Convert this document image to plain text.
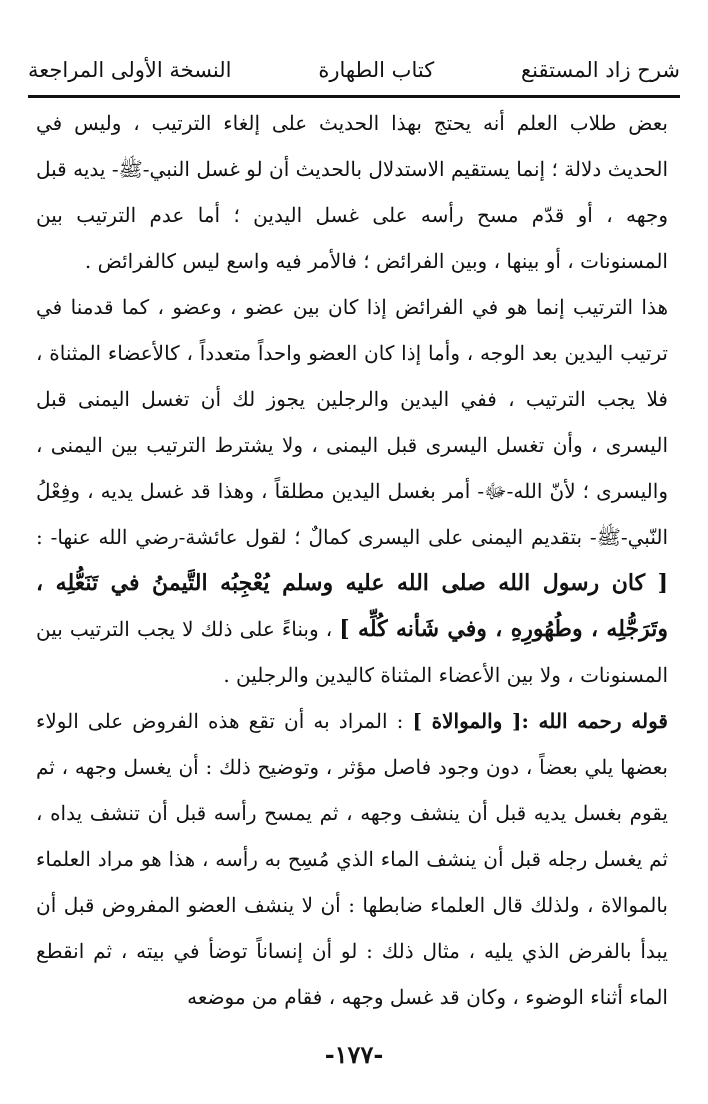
شرح زاد المستقنع
كتاب الطهارة
النسخة الأولى المراجعة

بعض طلاب العلم أنه يحتج بهذا الحديث على إلغاء الترتيب ، وليس في الحديث دلالة ؛ إنما يستقيم الاستدلال بالحديث أن لو غسل النبي-ﷺ- يديه قبل وجهه ، أو قدّم مسح رأسه على غسل اليدين ؛ أما عدم الترتيب بين المسنونات ، أو بينها ، وبين الفرائض ؛ فالأمر فيه واسع ليس كالفرائض .

هذا الترتيب إنما هو في الفرائض إذا كان بين عضو ، وعضو ، كما قدمنا في ترتيب اليدين بعد الوجه ، وأما إذا كان العضو واحداً متعدداً ، كالأعضاء المثناة ، فلا يجب الترتيب ، ففي اليدين والرجلين يجوز لك أن تغسل اليمنى قبل اليسرى ، وأن تغسل اليسرى قبل اليمنى ، ولا يشترط الترتيب بين اليمنى ، واليسرى ؛ لأنّ الله-ﷻ- أمر بغسل اليدين مطلقاً ، وهذا قد غسل يديه ، وفِعْلُ النّبي-ﷺ- بتقديم اليمنى على اليسرى كمالٌ ؛ لقول عائشة-رضي الله عنها- : [ كان رسول الله صلى الله عليه وسلم يُعْجِبُه التَّيمنُ في تَنَعُّلِه ، وتَرَجُّلِه ، وطُهُورِهِ ، وفي شَأنه كُلِّه ] ، وبناءً على ذلك لا يجب الترتيب بين المسنونات ، ولا بين الأعضاء المثناة كاليدين والرجلين .

قوله رحمه الله :[ والموالاة ] : المراد به أن تقع هذه الفروض على الولاء بعضها يلي بعضاً ، دون وجود فاصل مؤثر ، وتوضيح ذلك : أن يغسل وجهه ، ثم يقوم بغسل يديه قبل أن ينشف وجهه ، ثم يمسح رأسه قبل أن تنشف يداه ، ثم يغسل رجله قبل أن ينشف الماء الذي مُسِح به رأسه ، هذا هو مراد العلماء بالموالاة ، ولذلك قال العلماء ضابطها : أن لا ينشف العضو المفروض قبل أن يبدأ بالفرض الذي يليه ، مثال ذلك : لو أن إنساناً توضأ في بيته ، ثم انقطع الماء أثناء الوضوء ، وكان قد غسل وجهه ، فقام من موضعه

-١٧٧-
